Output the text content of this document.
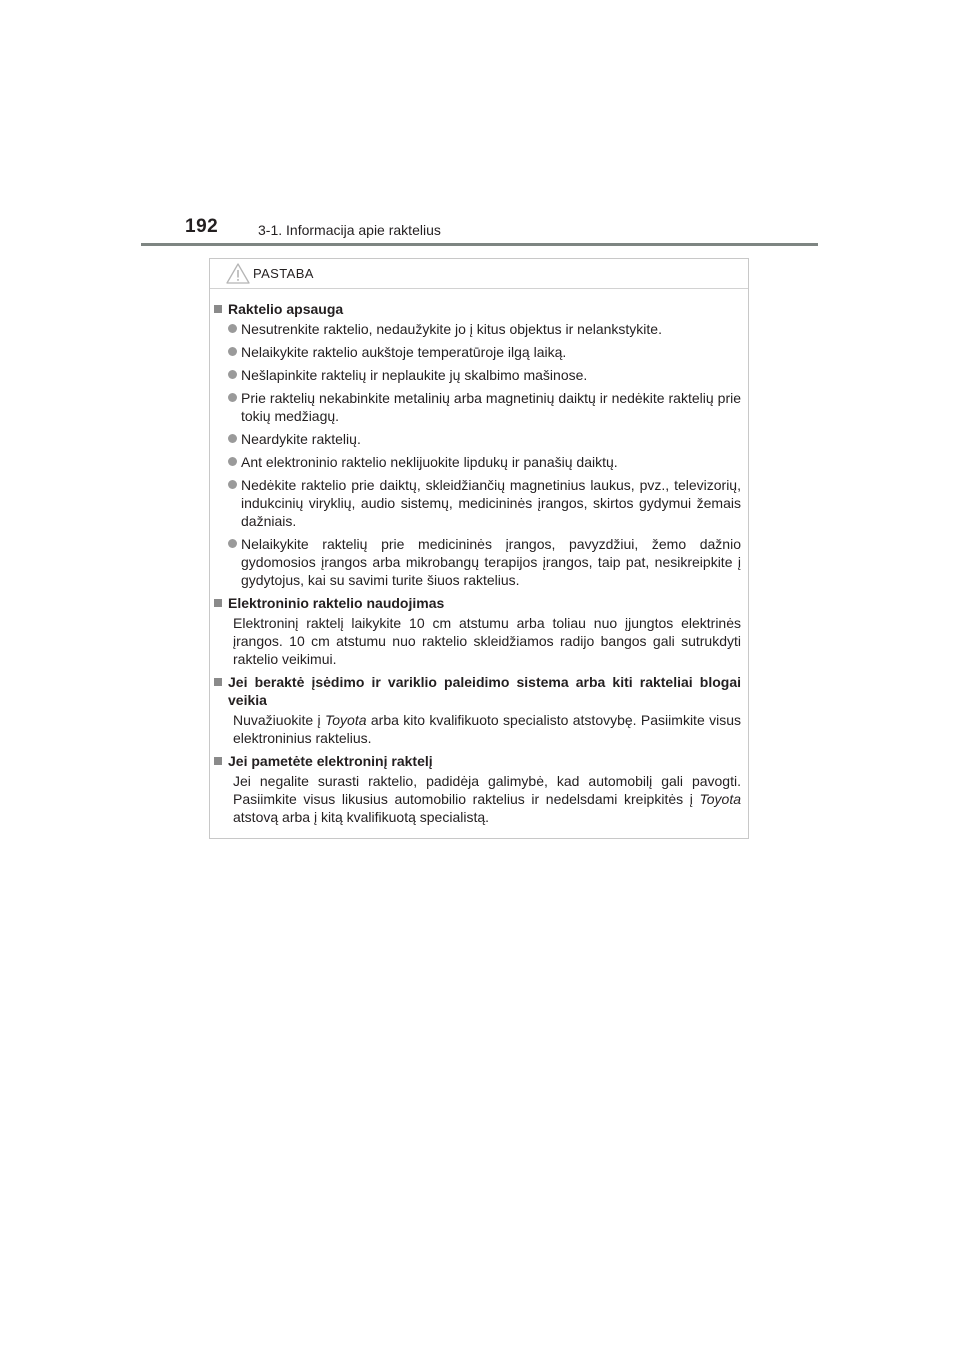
192	3-1. Informacija apie raktelius
PASTABA
Raktelio apsauga
Nesutrenkite raktelio, nedaužykite jo į kitus objektus ir nelankstykite.
Nelaikykite raktelio aukštoje temperatūroje ilgą laiką.
Nešlapinkite raktelių ir neplaukite jų skalbimo mašinose.
Prie raktelių nekabinkite metalinių arba magnetinių daiktų ir nedėkite raktelių prie tokių medžiagų.
Neardykite raktelių.
Ant elektroninio raktelio neklijuokite lipdukų ir panašių daiktų.
Nedėkite raktelio prie daiktų, skleidžiančių magnetinius laukus, pvz., televizorių, indukcinių viryklių, audio sistemų, medicininės įrangos, skirtos gydymui žemais dažniais.
Nelaikykite raktelių prie medicininės įrangos, pavyzdžiui, žemo dažnio gydomosios įrangos arba mikrobangų terapijos įrangos, taip pat, nesikreipkite į gydytojus, kai su savimi turite šiuos raktelius.
Elektroninio raktelio naudojimas

Elektroninį raktelį laikykite 10 cm atstumu arba toliau nuo įjungtos elektrinės įrangos. 10 cm atstumu nuo raktelio skleidžiamos radijo bangos gali sutrukdyti raktelio veikimui.

Jei beraktė įsėdimo ir variklio paleidimo sistema arba kiti rakteliai blogai veikia

Nuvažiuokite į Toyota arba kito kvalifikuoto specialisto atstovybę. Pasiimkite visus elektroninius raktelius.

Jei pametėte elektroninį raktelį

Jei negalite surasti raktelio, padidėja galimybė, kad automobilį gali pavogti. Pasiimkite visus likusius automobilio raktelius ir nedelsdami kreipkitės į Toyota atstovą arba į kitą kvalifikuotą specialistą.
